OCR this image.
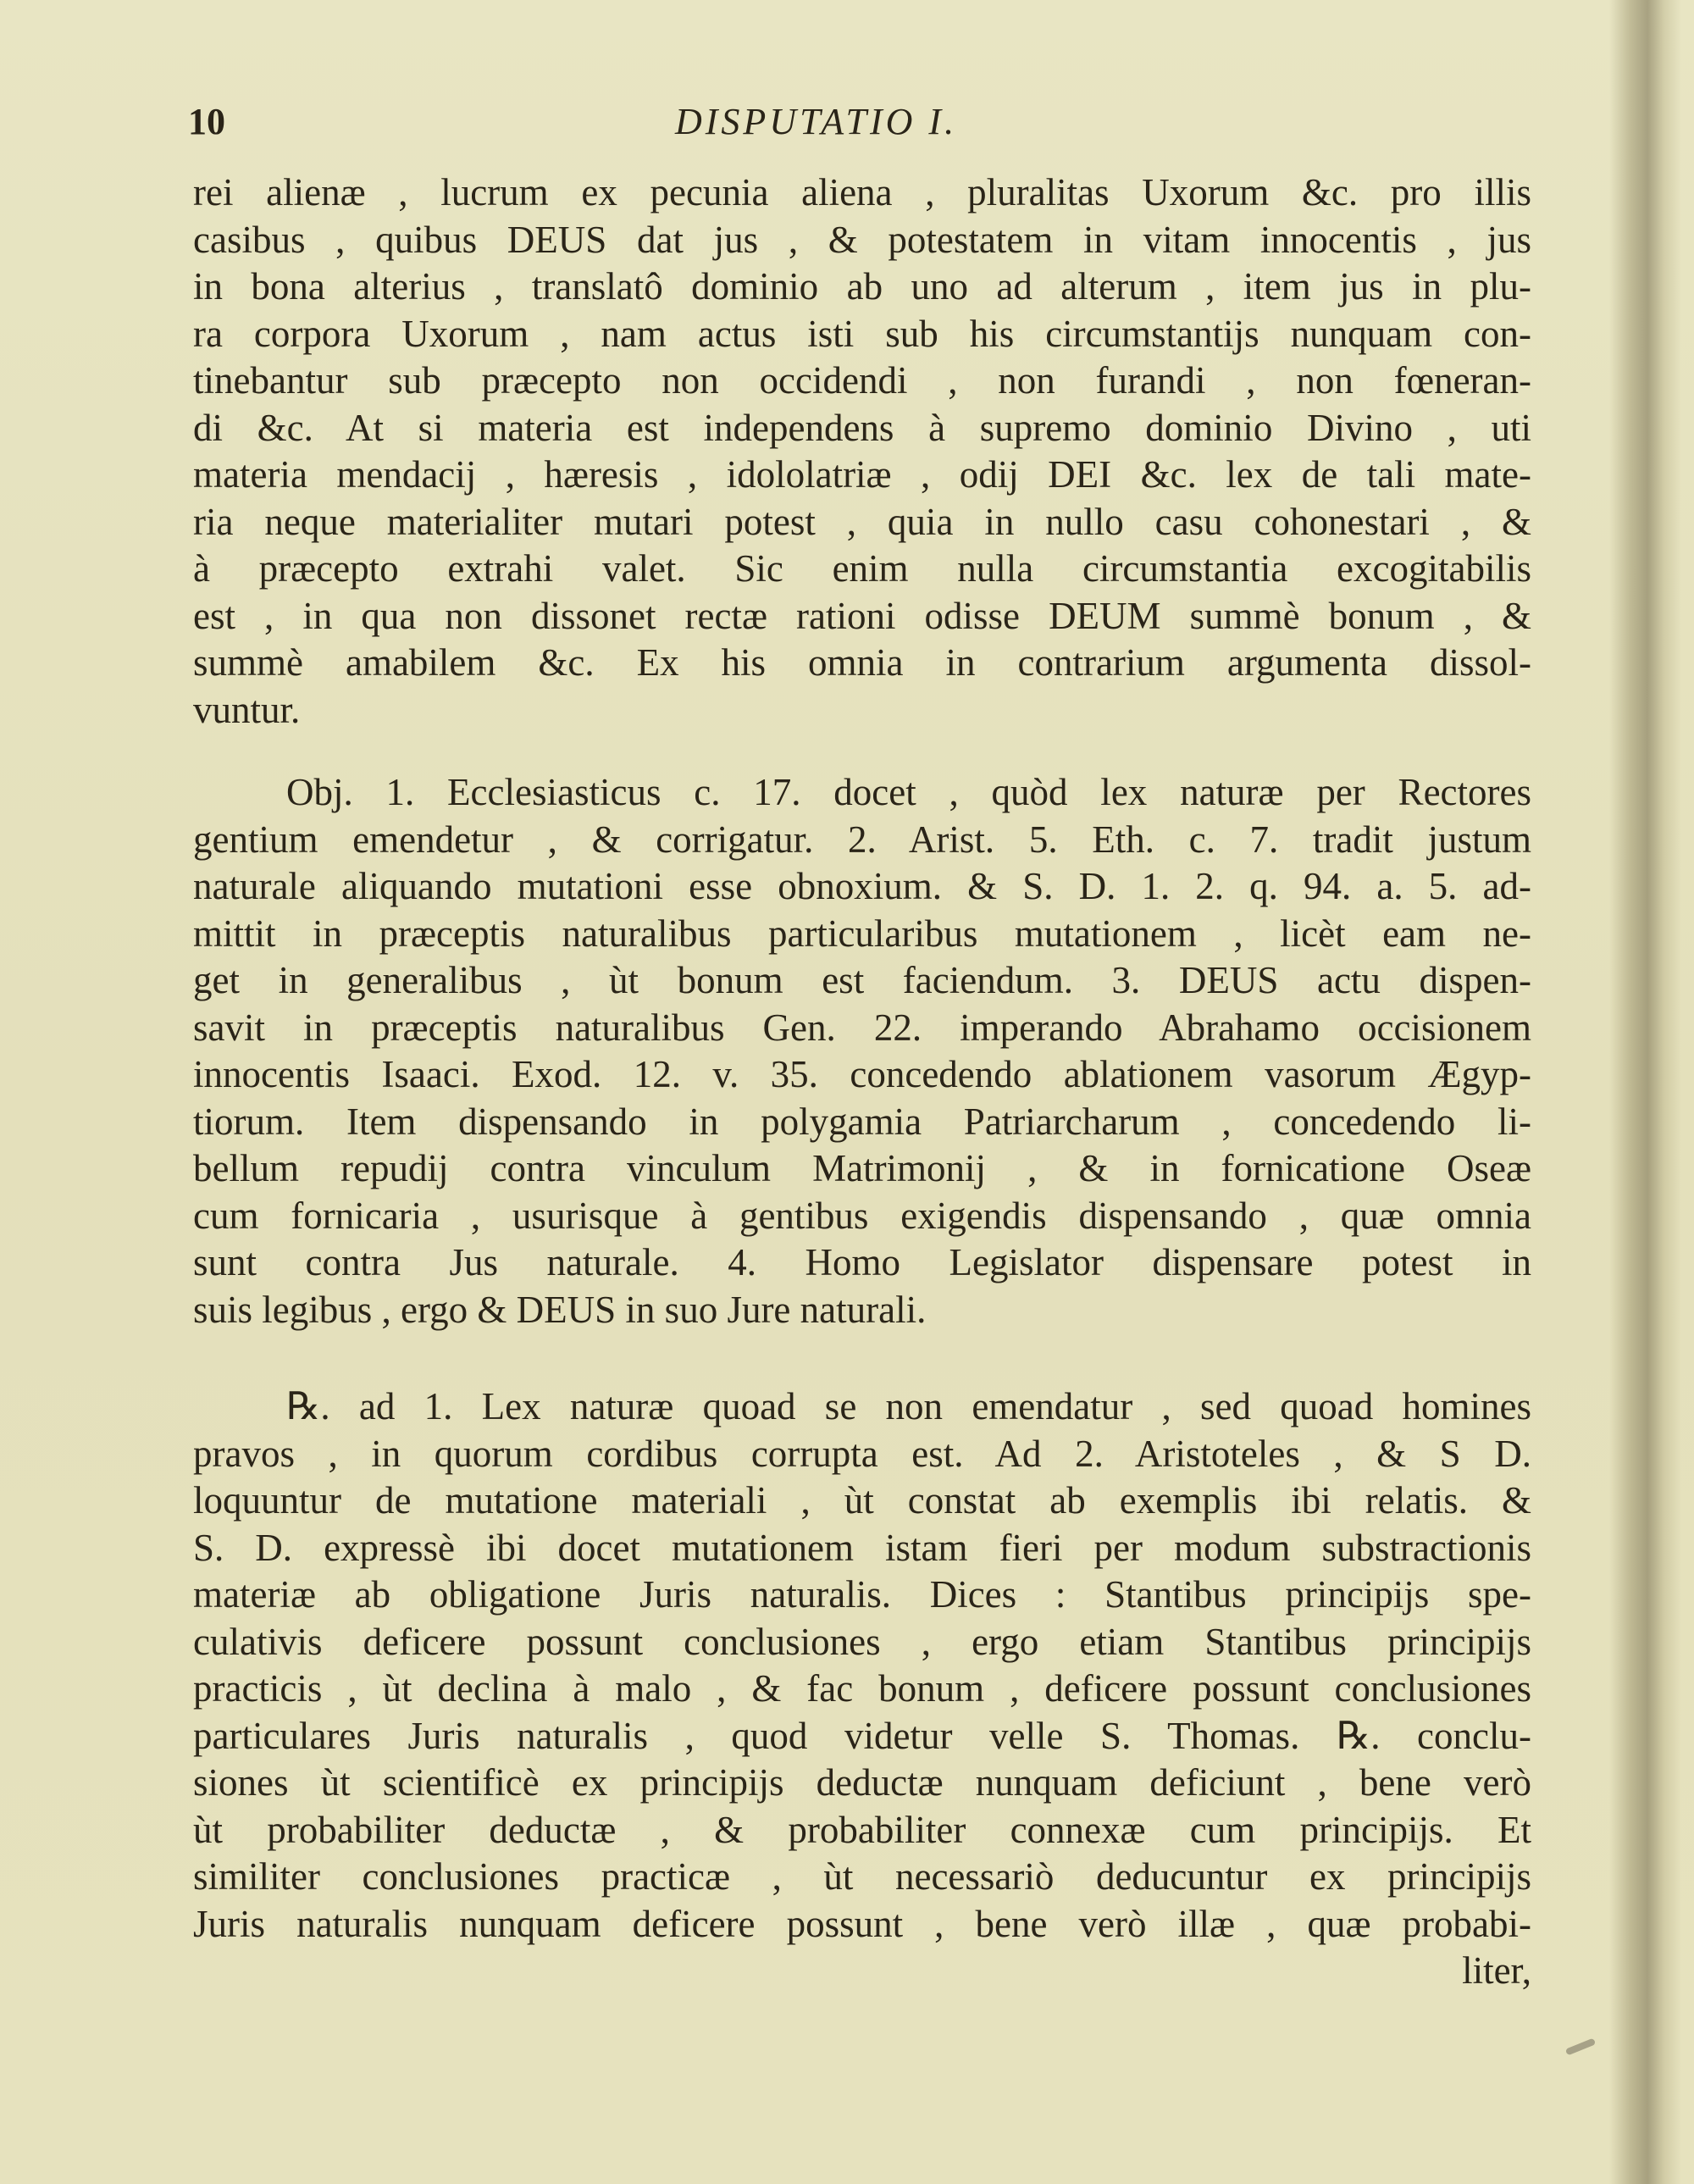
10	DISPUTATIO I.
rei alienæ , lucrum ex pecunia aliena , pluralitas Uxorum &c. pro illis
casibus , quibus DEUS dat jus , & potestatem in vitam innocentis , jus
in bona alterius , translatô dominio ab uno ad alterum , item jus in plu-
ra corpora Uxorum , nam actus isti sub his circumstantijs nunquam con-
tinebantur sub præcepto non occidendi , non furandi , non fœneran-
di &c. At si materia est independens à supremo dominio Divino , uti
materia mendacij , hæresis , idololatriæ , odij DEI &c. lex de tali mate-
ria neque materialiter mutari potest , quia in nullo casu cohonestari , &
à præcepto extrahi valet. Sic enim nulla circumstantia excogitabilis
est , in qua non dissonet rectæ rationi odisse DEUM summè bonum , &
summè amabilem &c. Ex his omnia in contrarium argumenta dissol-
vuntur.
Obj. 1. Ecclesiasticus c. 17. docet , quòd lex naturæ per Rectores
gentium emendetur , & corrigatur. 2. Arist. 5. Eth. c. 7. tradit justum
naturale aliquando mutationi esse obnoxium. & S. D. 1. 2. q. 94. a. 5. ad-
mittit in præceptis naturalibus particularibus mutationem , licèt eam ne-
get in generalibus , ùt bonum est faciendum. 3. DEUS actu dispen-
savit in præceptis naturalibus Gen. 22. imperando Abrahamo occisionem
innocentis Isaaci. Exod. 12. v. 35. concedendo ablationem vasorum Ægyp-
tiorum. Item dispensando in polygamia Patriarcharum , concedendo li-
bellum repudij contra vinculum Matrimonij , & in fornicatione Oseæ
cum fornicaria , usurisque à gentibus exigendis dispensando , quæ omnia
sunt contra Jus naturale. 4. Homo Legislator dispensare potest in
suis legibus , ergo & DEUS in suo Jure naturali.
℞. ad 1. Lex naturæ quoad se non emendatur , sed quoad homines
pravos , in quorum cordibus corrupta est. Ad 2. Aristoteles , & S D.
loquuntur de mutatione materiali , ùt constat ab exemplis ibi relatis. &
S. D. expressè ibi docet mutationem istam fieri per modum substractionis
materiæ ab obligatione Juris naturalis. Dices : Stantibus principijs spe-
culativis deficere possunt conclusiones , ergo etiam Stantibus principijs
practicis , ùt declina à malo , & fac bonum , deficere possunt conclusiones
particulares Juris naturalis , quod videtur velle S. Thomas. ℞. conclu-
siones ùt scientificè ex principijs deductæ nunquam deficiunt , bene verò
ùt probabiliter deductæ , & probabiliter connexæ cum principijs. Et
similiter conclusiones practicæ , ùt necessariò deducuntur ex principijs
Juris naturalis nunquam deficere possunt , bene verò illæ , quæ probabi-
liter,
